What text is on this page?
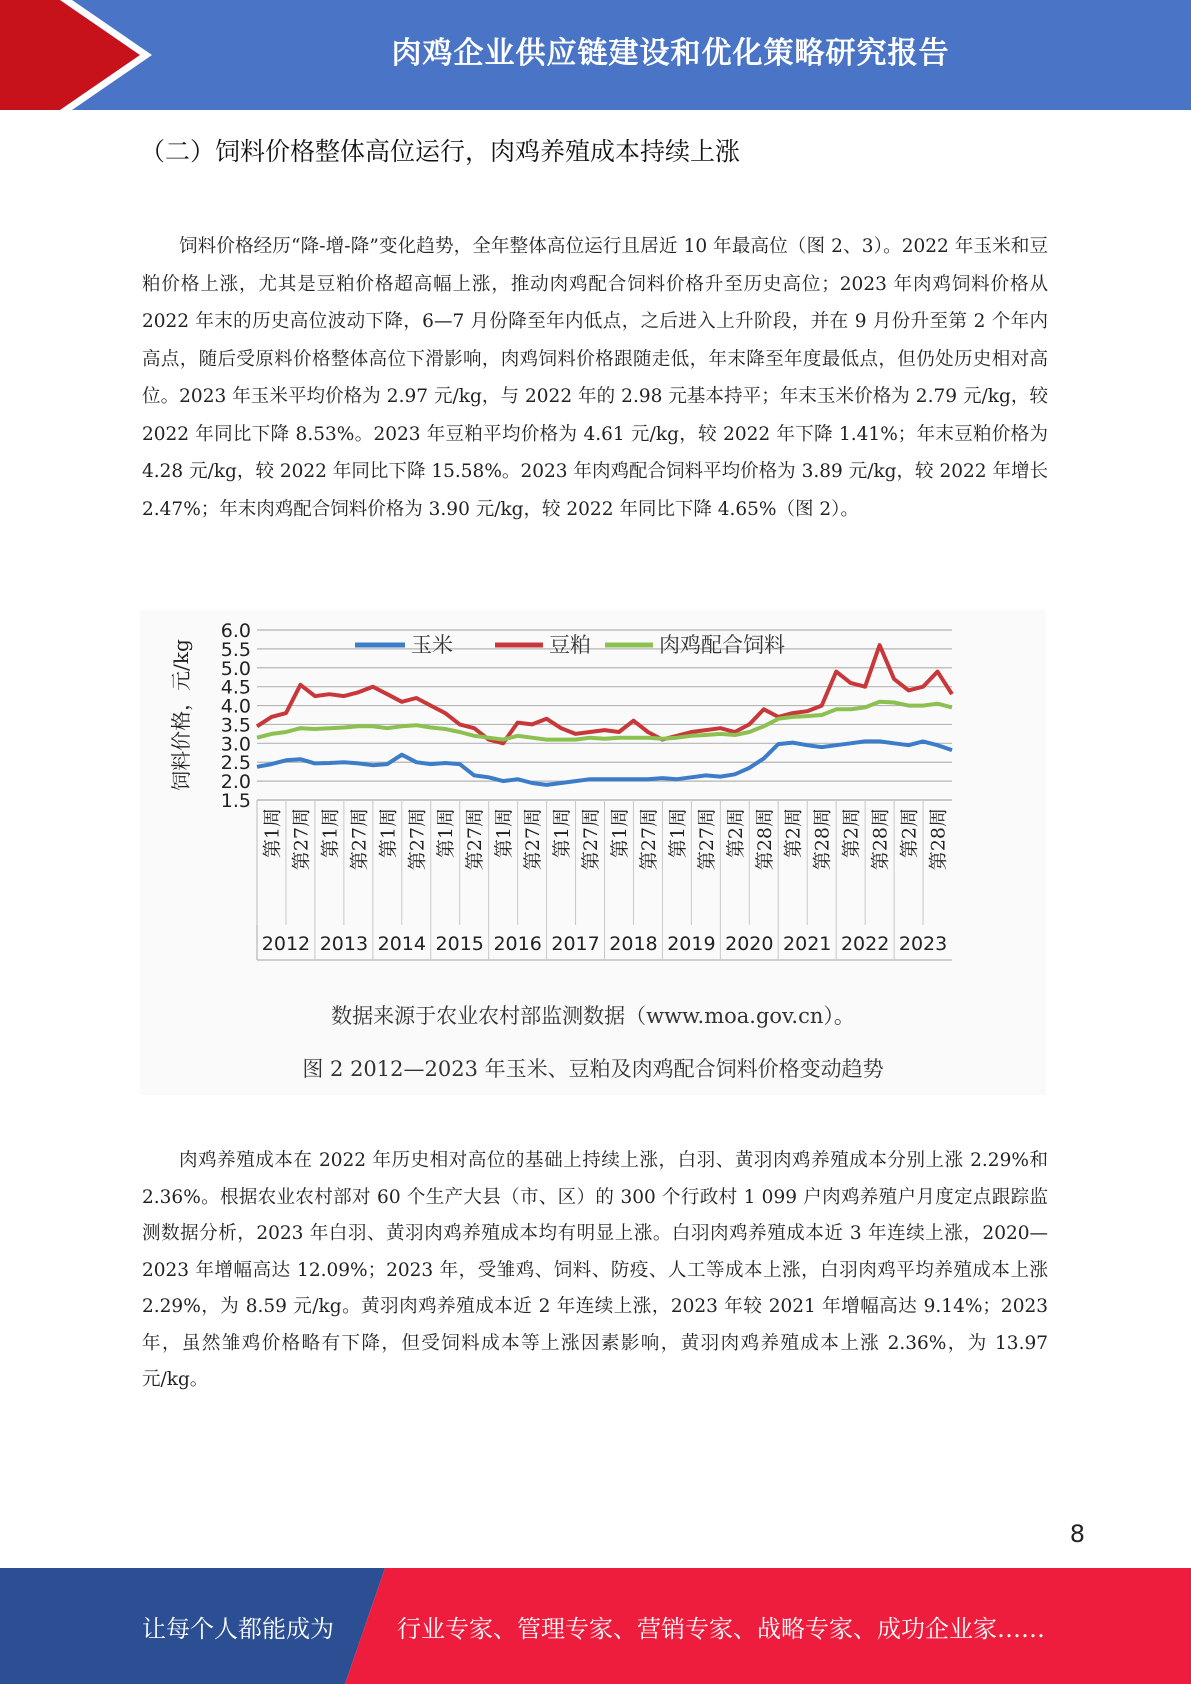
肉鸡企业供应链建设和优化策略研究报告
（二）饲料价格整体高位运行，肉鸡养殖成本持续上涨

饲料价格经历“降-增-降”变化趋势，全年整体高位运行且居近 10 年最高位（图 2、3）。2022 年玉米和豆粕价格上涨，尤其是豆粕价格超高幅上涨，推动肉鸡配合饲料价格升至历史高位；2023 年肉鸡饲料价格从 2022 年末的历史高位波动下降，6—7 月份降至年内低点，之后进入上升阶段，并在 9 月份升至第 2 个年内高点，随后受原料价格整体高位下滑影响，肉鸡饲料价格跟随走低，年末降至年度最低点，但仍处历史相对高位。2023 年玉米平均价格为 2.97 元/kg，与 2022 年的 2.98 元基本持平；年末玉米价格为 2.79 元/kg，较 2022 年同比下降 8.53%。2023 年豆粕平均价格为 4.61 元/kg，较 2022 年下降 1.41%；年末豆粕价格为 4.28 元/kg，较 2022 年同比下降 15.58%。2023 年肉鸡配合饲料平均价格为 3.89 元/kg，较 2022 年增长 2.47%；年末肉鸡配合饲料价格为 3.90 元/kg，较 2022 年同比下降 4.65%（图 2）。

1.5
2.0
2.5
3.0
3.5
4.0
4.5
5.0
5.5
6.0
饲料价格，元/kg	玉米	豆粕	肉鸡配合饲料
第1周 第27周 第1周 第27周 第1周 第27周 第1周 第27周 第1周 第27周 第1周 第27周 第1周 第27周 第1周 第27周 第2周 第28周 第2周 第28周 第2周 第28周 第2周 第28周
2012 2013 2014 2015 2016 2017 2018 2019 2020 2021 2022 2023
数据来源于农业农村部监测数据（www.moa.gov.cn）。
图 2 2012—2023 年玉米、豆粕及肉鸡配合饲料价格变动趋势

肉鸡养殖成本在 2022 年历史相对高位的基础上持续上涨，白羽、黄羽肉鸡养殖成本分别上涨 2.29%和 2.36%。根据农业农村部对 60 个生产大县（市、区）的 300 个行政村 1 099 户肉鸡养殖户月度定点跟踪监测数据分析，2023 年白羽、黄羽肉鸡养殖成本均有明显上涨。白羽肉鸡养殖成本近 3 年连续上涨，2020—2023 年增幅高达 12.09%；2023 年，受雏鸡、饲料、防疫、人工等成本上涨，白羽肉鸡平均养殖成本上涨 2.29%，为 8.59 元/kg。黄羽肉鸡养殖成本近 2 年连续上涨，2023 年较 2021 年增幅高达 9.14%；2023 年，虽然雏鸡价格略有下降，但受饲料成本等上涨因素影响，黄羽肉鸡养殖成本上涨 2.36%，为 13.97 元/kg。

8
让每个人都能成为	行业专家、管理专家、营销专家、战略专家、成功企业家……
